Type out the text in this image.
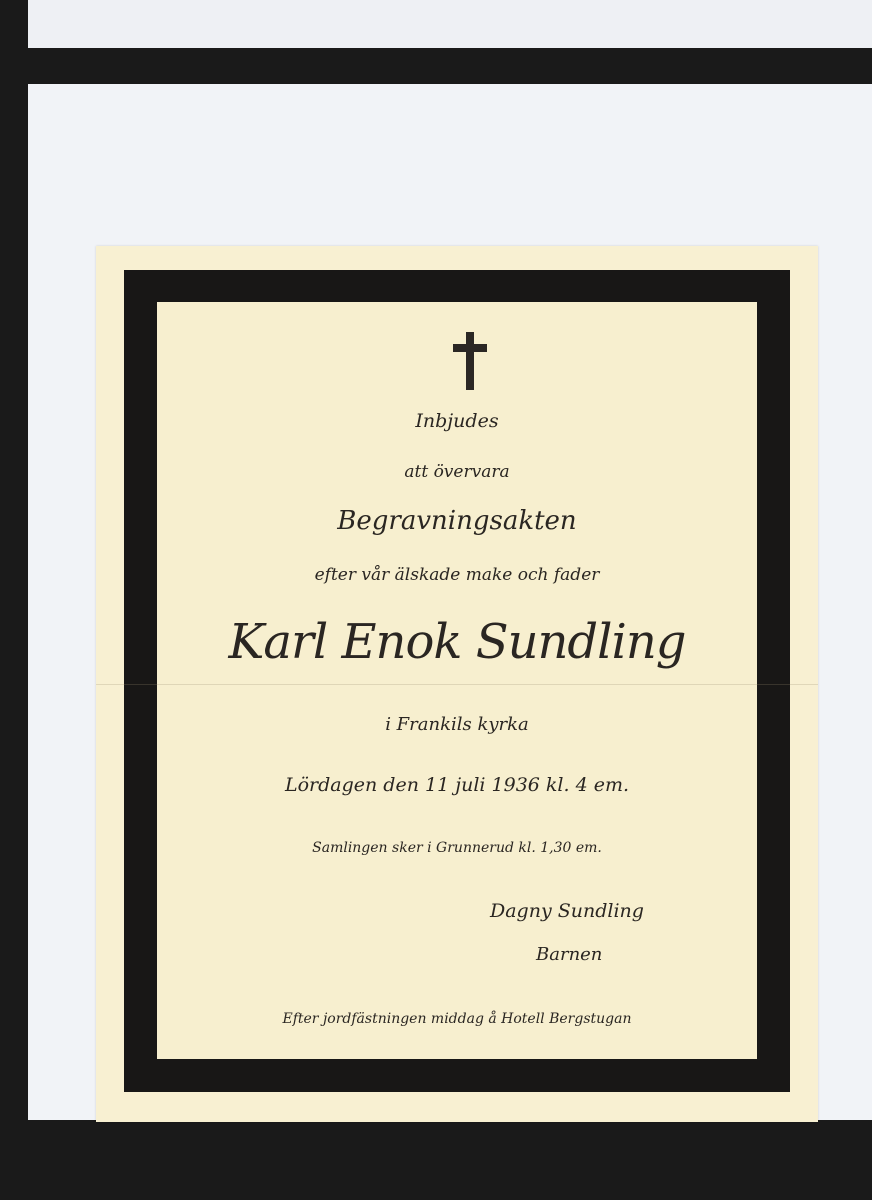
Inbjudes
att övervara
Begravningsakten
efter vår älskade make och fader
Karl Enok Sundling
i Frankils kyrka
Lördagen den 11 juli 1936 kl. 4 em.
Samlingen sker i Grunnerud kl. 1,30 em.
Dagny Sundling
Barnen
Efter jordfästningen middag å Hotell Bergstugan
